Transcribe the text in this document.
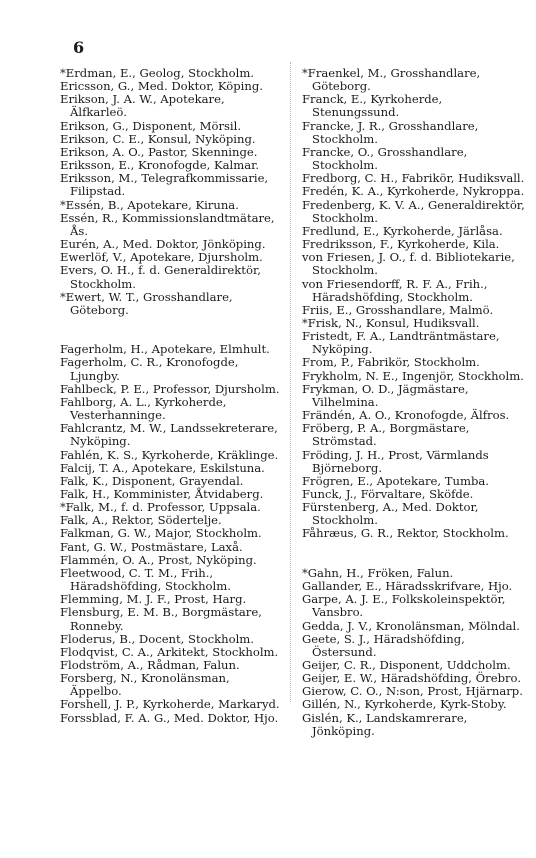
6

*Erdman, E., Geolog, Stockholm.

Ericsson, G., Med. Doktor, Köping.

Erikson, J. A. W., Apotekare, Älfkarleö.

Erikson, G., Disponent, Mörsil.

Erikson, C. E., Konsul, Nyköping.

Erikson, A. O., Pastor, Skenninge.

Eriksson, E., Kronofogde, Kalmar.

Eriksson, M., Telegrafkommissarie, Filipstad.

*Essén, B., Apotekare, Kiruna.

Essén, R., Kommissionslandtmätare, Ås.

Eurén, A., Med. Doktor, Jönköping.

Ewerlöf, V., Apotekare, Djursholm.

Evers, O. H., f. d. Generaldirektör, Stockholm.

*Ewert, W. T., Grosshandlare, Göteborg.

Fagerholm, H., Apotekare, Elmhult.

Fagerholm, C. R., Kronofogde, Ljungby.

Fahlbeck, P. E., Professor, Djursholm.

Fahlborg, A. L., Kyrkoherde, Vesterhanninge.

Fahlcrantz, M. W., Landssekreterare, Nyköping.

Fahlén, K. S., Kyrkoherde, Kräklinge.

Falcij, T. A., Apotekare, Eskilstuna.

Falk, K., Disponent, Grayendal.

Falk, H., Komminister, Åtvidaberg.

*Falk, M., f. d. Professor, Uppsala.

Falk, A., Rektor, Södertelje.

Falkman, G. W., Major, Stockholm.

Fant, G. W., Postmästare, Laxå.

Flammén, O. A., Prost, Nyköping.

Fleetwood, C. T. M., Frih., Häradshöfding, Stockholm.

Flemming, M. J. F., Prost, Harg.

Flensburg, E. M. B., Borgmästare, Ronneby.

Floderus, B., Docent, Stockholm.

Flodqvist, C. A., Arkitekt, Stockholm.

Flodström, A., Rådman, Falun.

Forsberg, N., Kronolänsman, Äppelbo.

Forshell, J. P., Kyrkoherde, Markaryd.

Forssblad, F. A. G., Med. Doktor, Hjo.

*Fraenkel, M., Grosshandlare, Göteborg.

Franck, E., Kyrkoherde, Stenungssund.

Francke, J. R., Grosshandlare, Stockholm.

Francke, O., Grosshandlare, Stockholm.

Fredborg, C. H., Fabrikör, Hudiksvall.

Fredén, K. A., Kyrkoherde, Nykroppa.

Fredenberg, K. V. A., Generaldirektör, Stockholm.

Fredlund, E., Kyrkoherde, Järlåsa.

Fredriksson, F., Kyrkoherde, Kila.

von Friesen, J. O., f. d. Bibliotekarie, Stockholm.

von Friesendorff, R. F. A., Frih., Häradshöfding, Stockholm.

Friis, E., Grosshandlare, Malmö.

*Frisk, N., Konsul, Hudiksvall.

Fristedt, F. A., Landträntmästare, Nyköping.

From, P., Fabrikör, Stockholm.

Frykholm, N. E., Ingenjör, Stockholm.

Frykman, O. D., Jägmästare, Vilhelmina.

Frändén, A. O., Kronofogde, Älfros.

Fröberg, P. A., Borgmästare, Strömstad.

Fröding, J. H., Prost, Värmlands Björneborg.

Frögren, E., Apotekare, Tumba.

Funck, J., Förvaltare, Sköfde.

Fürstenberg, A., Med. Doktor, Stockholm.

Fåhræus, G. R., Rektor, Stockholm.

*Gahn, H., Fröken, Falun.

Gallander, E., Häradsskrifvare, Hjo.

Garpe, A. J. E., Folkskoleinspektör, Vansbro.

Gedda, J. V., Kronolänsman, Mölndal.

Geete, S. J., Häradshöfding, Östersund.

Geijer, C. R., Disponent, Uddcholm.

Geijer, E. W., Häradshöfding, Örebro.

Gierow, C. O., N:son, Prost, Hjärnarp.

Gillén, N., Kyrkoherde, Kyrk-Stoby.

Gislén, K., Landskamrerare, Jönköping.
